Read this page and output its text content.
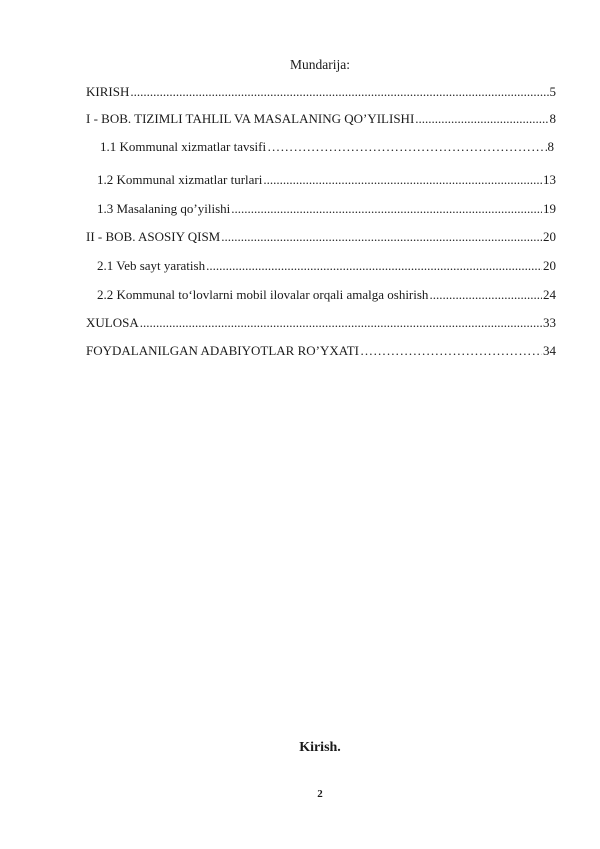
Mundarija:
KIRISH .....	5
I - BOB. TIZIMLI TAHLIL VA MASALANING QO’YILISHI .....	8
1.1 Kommunal xizmatlar tavsifi ………………………………………………………………………………………………………………	8
1.2 Kommunal xizmatlar turlari .....	13
1.3 Masalaning qo’yilishi .....	19
II - BOB. ASOSIY QISM .....	20
2.1 Veb sayt yaratish .....	20
2.2 Kommunal to‘lovlarni mobil ilovalar orqali amalga oshirish .....	24
XULOSA .....	33
FOYDALANILGAN ADABIYOTLAR RO’YXATI ………………………………………………………………………………………………………………	34
Kirish.
2
